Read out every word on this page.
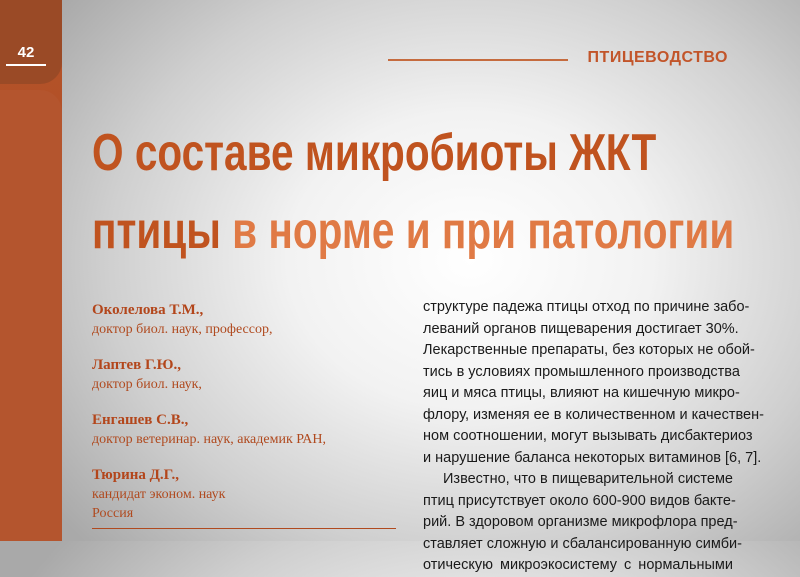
42	ПТИЦЕВОДСТВО
О составе микробиоты ЖКТ
птицы в норме и при патологии
Околелова Т.М.,
доктор биол. наук, профессор,
Лаптев Г.Ю.,
доктор биол. наук,
Енгашев С.В.,
доктор ветеринар. наук, академик РАН,
Тюрина Д.Г.,
кандидат эконом. наук
Россия

структуре падежа птицы отход по причине забо-
леваний органов пищеварения достигает 30%.
Лекарственные препараты, без которых не обой-
тись в условиях промышленного производства
яиц и мяса птицы, влияют на кишечную микро-
флору, изменяя ее в количественном и качествен-
ном соотношении, могут вызывать дисбактериоз
и нарушение баланса некоторых витаминов [6, 7].

Известно, что в пищеварительной системе
птиц присутствует около 600-900 видов бакте-
рий. В здоровом организме микрофлора пред-
ставляет сложную и сбалансированную симби-
отическую микроэкосистему с нормальными
